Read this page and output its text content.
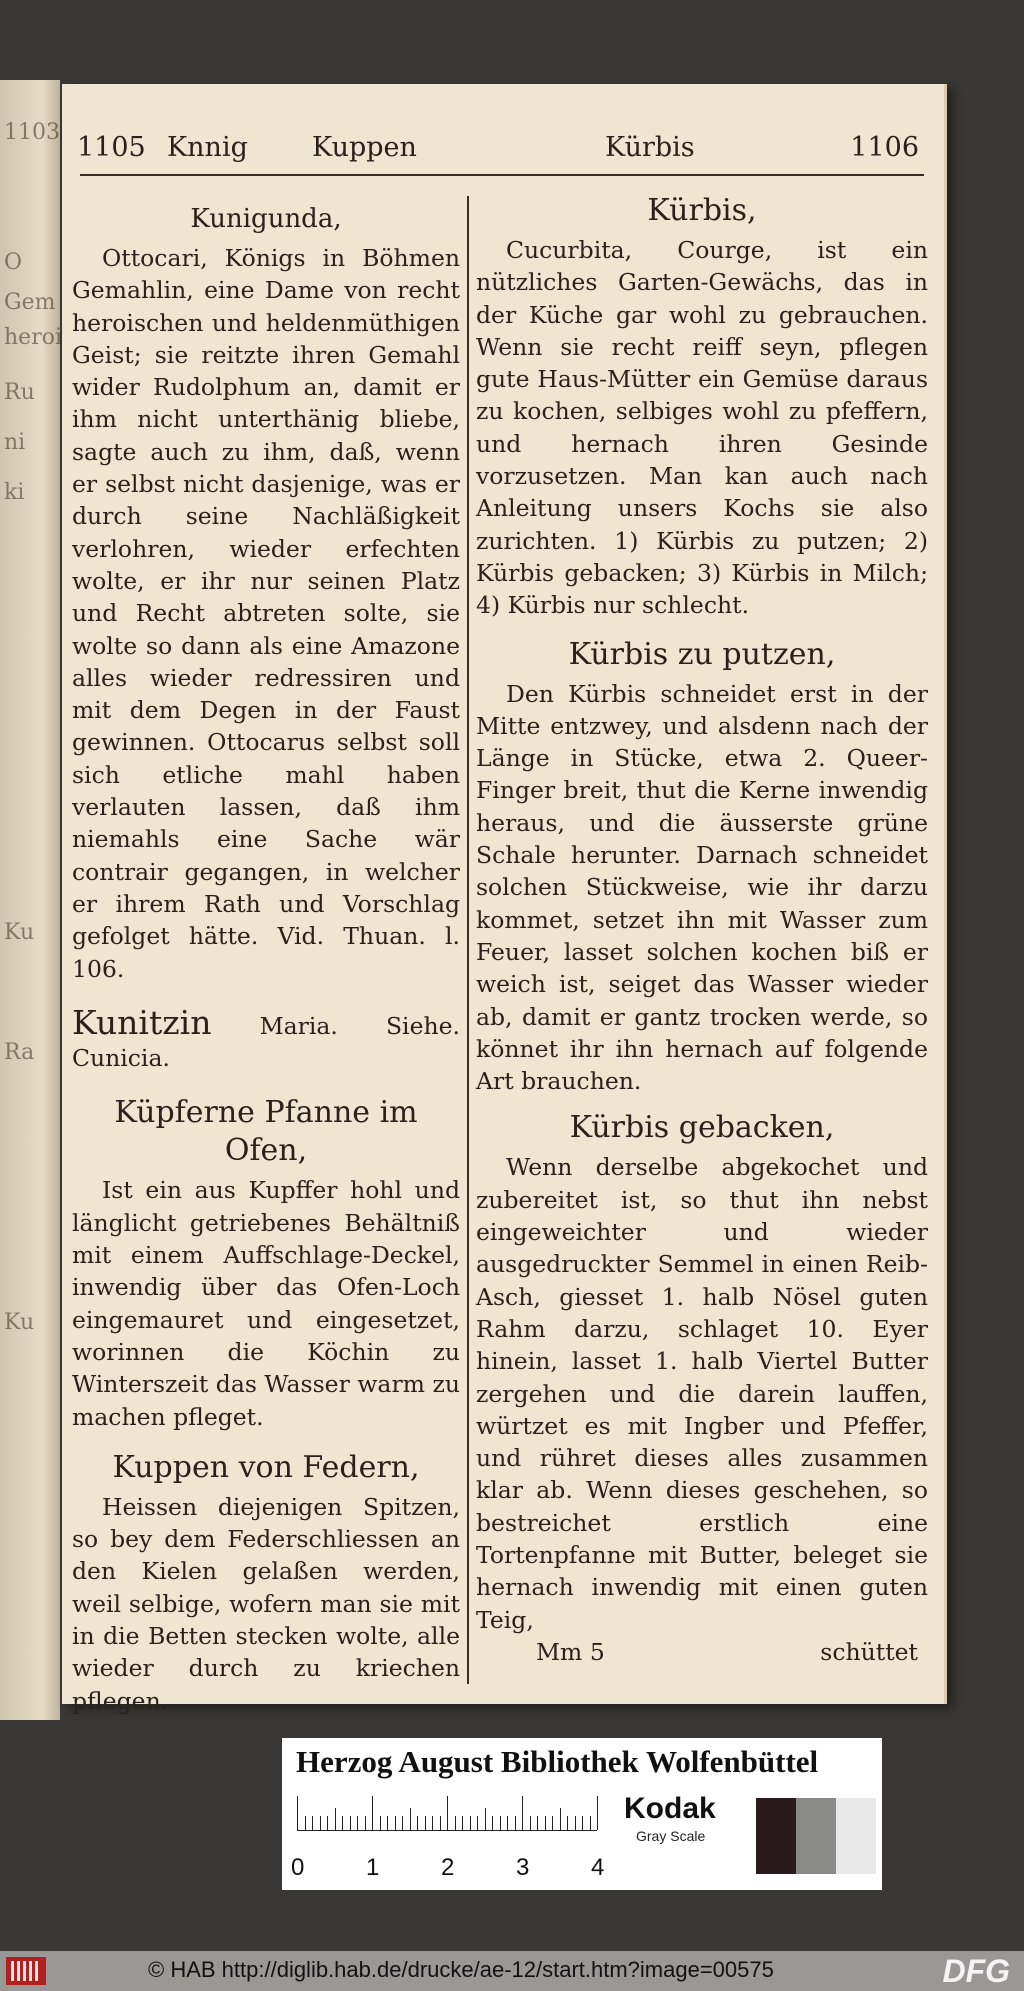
1103
O
Gem
heroi
Ru
ni
ki
Ku
Ra
Ku
1105 Knnig Kuppen	Kürbis	1106
Kunigunda,

Ottocari, Königs in Böhmen Gemahlin, eine Dame von recht heroischen und heldenmüthigen Geist; sie reitzte ihren Gemahl wider Rudolphum an, damit er ihm nicht unterthänig bliebe, sagte auch zu ihm, daß, wenn er selbst nicht dasjenige, was er durch seine Nachläßigkeit verlohren, wieder erfechten wolte, er ihr nur seinen Platz und Recht abtreten solte, sie wolte so dann als eine Amazone alles wieder redressiren und mit dem Degen in der Faust gewinnen. Ottocarus selbst soll sich etliche mahl haben verlauten lassen, daß ihm niemahls eine Sache wär contrair gegangen, in welcher er ihrem Rath und Vorschlag gefolget hätte. Vid. Thuan. l. 106.

Kunitzin Maria. Siehe. Cunicia.

Küpferne Pfanne im Ofen,

Ist ein aus Kupffer hohl und länglicht getriebenes Behältniß mit einem Auffschlage-Deckel, inwendig über das Ofen-Loch eingemauret und eingesetzet, worinnen die Köchin zu Winterszeit das Wasser warm zu machen pfleget.

Kuppen von Federn,

Heissen diejenigen Spitzen, so bey dem Federschliessen an den Kielen gelaßen werden, weil selbige, wofern man sie mit in die Betten stecken wolte, alle wieder durch zu kriechen pflegen.

Kürbis,

Cucurbita, Courge, ist ein nützliches Garten-Gewächs, das in der Küche gar wohl zu gebrauchen. Wenn sie recht reiff seyn, pflegen gute Haus-Mütter ein Gemüse daraus zu kochen, selbiges wohl zu pfeffern, und hernach ihren Gesinde vorzusetzen. Man kan auch nach Anleitung unsers Kochs sie also zurichten. 1) Kürbis zu putzen; 2) Kürbis gebacken; 3) Kürbis in Milch; 4) Kürbis nur schlecht.

Kürbis zu putzen,

Den Kürbis schneidet erst in der Mitte entzwey, und alsdenn nach der Länge in Stücke, etwa 2. Queer-Finger breit, thut die Kerne inwendig heraus, und die äusserste grüne Schale herunter. Darnach schneidet solchen Stückweise, wie ihr darzu kommet, setzet ihn mit Wasser zum Feuer, lasset solchen kochen biß er weich ist, seiget das Wasser wieder ab, damit er gantz trocken werde, so könnet ihr ihn hernach auf folgende Art brauchen.

Kürbis gebacken,

Wenn derselbe abgekochet und zubereitet ist, so thut ihn nebst eingeweichter und wieder ausgedruckter Semmel in einen Reib-Asch, giesset 1. halb Nösel guten Rahm darzu, schlaget 10. Eyer hinein, lasset 1. halb Viertel Butter zergehen und die darein lauffen, würtzet es mit Ingber und Pfeffer, und rühret dieses alles zusammen klar ab. Wenn dieses geschehen, so bestreichet erstlich eine Tortenpfanne mit Butter, beleget sie hernach inwendig mit einen guten Teig,

Mm 5	schüttet
Herzog August Bibliothek Wolfenbüttel
0	1	2	3	4
Kodak
Gray Scale
© HAB http://diglib.hab.de/drucke/ae-12/start.htm?image=00575	DFG
